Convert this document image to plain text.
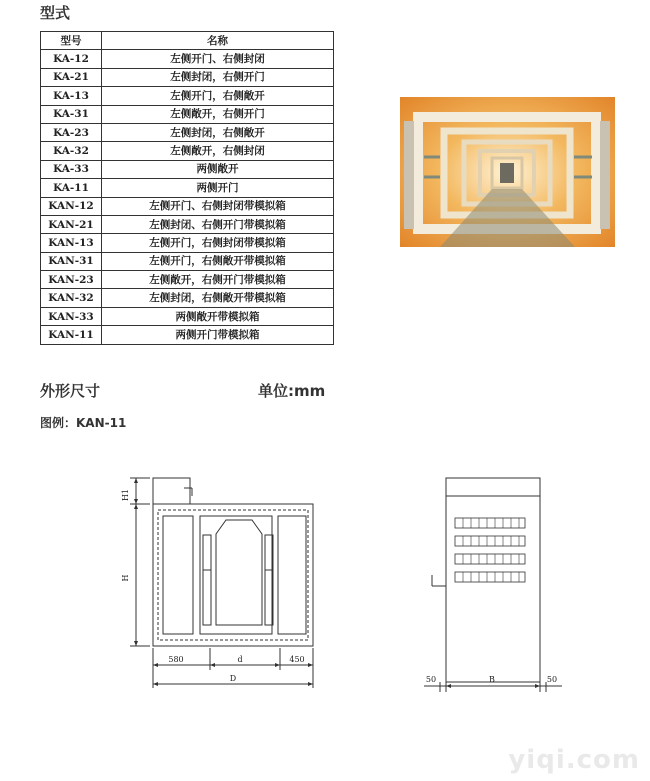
型式
型号	名称
KA-12	左侧开门、右侧封闭
KA-21	左侧封闭，右侧开门
KA-13	左侧开门，右侧敞开
KA-31	左侧敞开，右侧开门
KA-23	左侧封闭，右侧敞开
KA-32	左侧敞开，右侧封闭
KA-33	两侧敞开
KA-11	两侧开门
KAN-12	左侧开门、右侧封闭带模拟箱
KAN-21	左侧封闭、右侧开门带模拟箱
KAN-13	左侧开门，右侧封闭带模拟箱
KAN-31	左侧开门，右侧敞开带模拟箱
KAN-23	左侧敞开，右侧开门带模拟箱
KAN-32	左侧封闭，右侧敞开带模拟箱
KAN-33	两侧敞开带模拟箱
KAN-11	两侧开门带模拟箱
外形尺寸	单位:mm
图例：KAN-11
H1
H
580	d	450
D	50	B	50
yiqi.com
